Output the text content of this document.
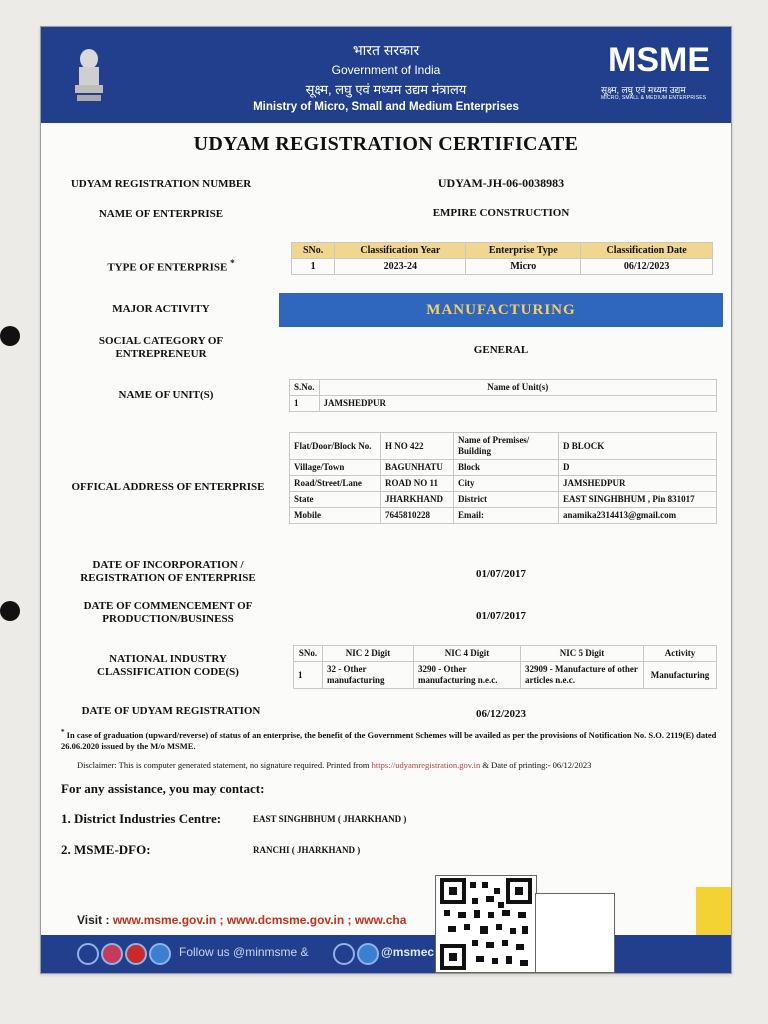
भारत सरकार
Government of India
सूक्ष्म, लघु एवं मध्यम उद्यम मंत्रालय
Ministry of Micro, Small and Medium Enterprises
MSME
सूक्ष्म, लघु एवं मध्यम उद्यम
MICRO, SMALL & MEDIUM ENTERPRISES
UDYAM REGISTRATION CERTIFICATE
UDYAM REGISTRATION NUMBER	UDYAM-JH-06-0038983
NAME OF ENTERPRISE	EMPIRE CONSTRUCTION
TYPE OF ENTERPRISE *
SNo.	Classification Year	Enterprise Type	Classification Date
1	2023-24	Micro	06/12/2023
MAJOR ACTIVITY	MANUFACTURING
SOCIAL CATEGORY OF
ENTREPRENEUR	GENERAL
NAME OF UNIT(S)
S.No.	Name of Unit(s)
1	JAMSHEDPUR
OFFICAL ADDRESS OF ENTERPRISE
Flat/Door/Block No.	H NO 422	Name of Premises/ Building	D BLOCK
Village/Town	BAGUNHATU	Block	D
Road/Street/Lane	ROAD NO 11	City	JAMSHEDPUR
State	JHARKHAND	District	EAST SINGHBHUM , Pin 831017
Mobile	7645810228	Email:	anamika2314413@gmail.com
DATE OF INCORPORATION /
REGISTRATION OF ENTERPRISE	01/07/2017
DATE OF COMMENCEMENT OF
PRODUCTION/BUSINESS	01/07/2017
NATIONAL INDUSTRY
CLASSIFICATION CODE(S)
SNo.	NIC 2 Digit	NIC 4 Digit	NIC 5 Digit	Activity
1	32 - Other manufacturing	3290 - Other manufacturing n.e.c.	32909 - Manufacture of other articles n.e.c.	Manufacturing
DATE OF UDYAM REGISTRATION	06/12/2023
* In case of graduation (upward/reverse) of status of an enterprise, the benefit of the Government Schemes will be availed as per the provisions of Notification No. S.O. 2119(E) dated 26.06.2020 issued by the M/o MSME.
Disclaimer: This is computer generated statement, no signature required. Printed from https://udyamregistration.gov.in & Date of printing:- 06/12/2023
For any assistance, you may contact:
1. District Industries Centre:	EAST SINGHBHUM ( JHARKHAND )
2. MSME-DFO:	RANCHI ( JHARKHAND )
Visit : www.msme.gov.in ; www.dcmsme.gov.in ; www.cha
Follow us @minmsme &	@msmec
